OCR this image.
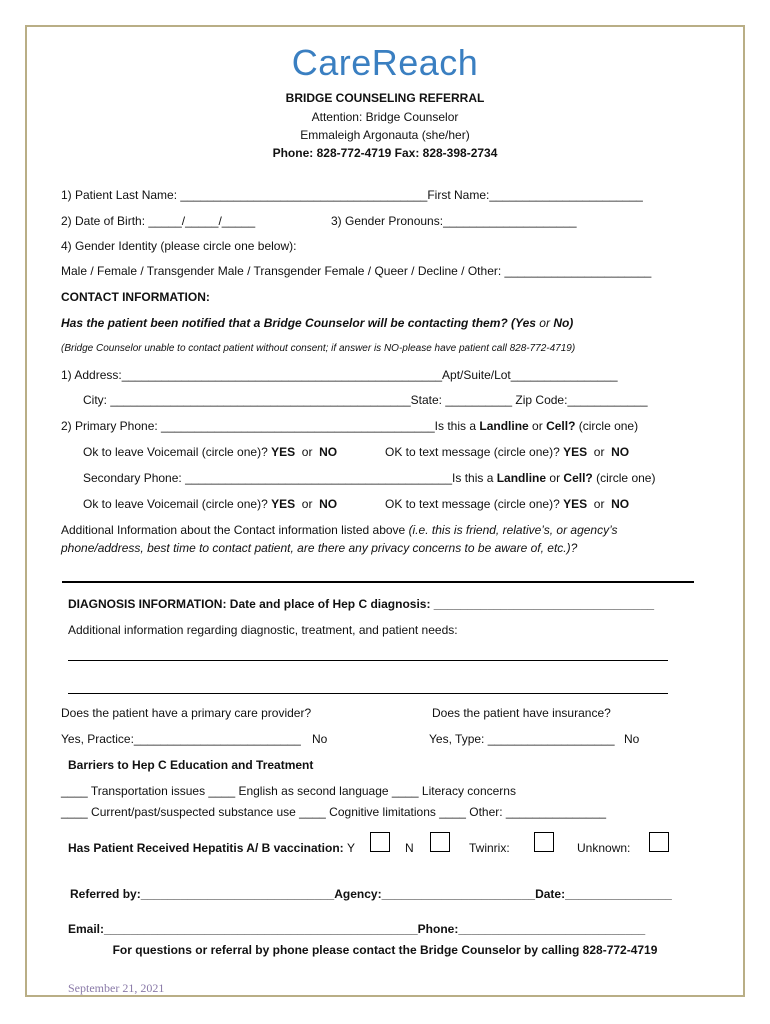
CareReach
BRIDGE COUNSELING REFERRAL
Attention: Bridge Counselor
Emmaleigh Argonauta (she/her)
Phone: 828-772-4719 Fax: 828-398-2734
1) Patient Last Name: _____________________________________First Name:_______________________
2) Date of Birth: _____/_____/_____	3) Gender Pronouns:____________________
4) Gender Identity (please circle one below):
Male / Female / Transgender Male / Transgender Female / Queer / Decline / Other: ______________________
CONTACT INFORMATION:
Has the patient been notified that a Bridge Counselor will be contacting them? (Yes or No)
(Bridge Counselor unable to contact patient without consent; if answer is NO-please have patient call 828-772-4719)
1) Address:________________________________________________Apt/Suite/Lot________________
City: _____________________________________________State: __________ Zip Code:____________
2) Primary Phone: _________________________________________Is this a Landline or Cell? (circle one)
Ok to leave Voicemail (circle one)? YES or NO	OK to text message (circle one)? YES or NO
Secondary Phone: ________________________________________Is this a Landline or Cell? (circle one)
Ok to leave Voicemail (circle one)? YES or NO	OK to text message (circle one)? YES or NO
Additional Information about the Contact information listed above (i.e. this is friend, relative’s, or agency’s
phone/address, best time to contact patient, are there any privacy concerns to be aware of, etc.)?
DIAGNOSIS INFORMATION: Date and place of Hep C diagnosis: _________________________________
Additional information regarding diagnostic, treatment, and patient needs:
Does the patient have a primary care provider?	Does the patient have insurance?
Yes, Practice:_________________________ No	Yes, Type: ___________________ No
Barriers to Hep C Education and Treatment
____ Transportation issues ____ English as second language ____ Literacy concerns
____ Current/past/suspected substance use ____ Cognitive limitations ____ Other: _______________
Has Patient Received Hepatitis A/ B vaccination: Y	N	Twinrix:	Unknown:
Referred by:_____________________________Agency:_______________________Date:________________
Email:_______________________________________________Phone:____________________________
For questions or referral by phone please contact the Bridge Counselor by calling 828-772-4719
September 21, 2021
